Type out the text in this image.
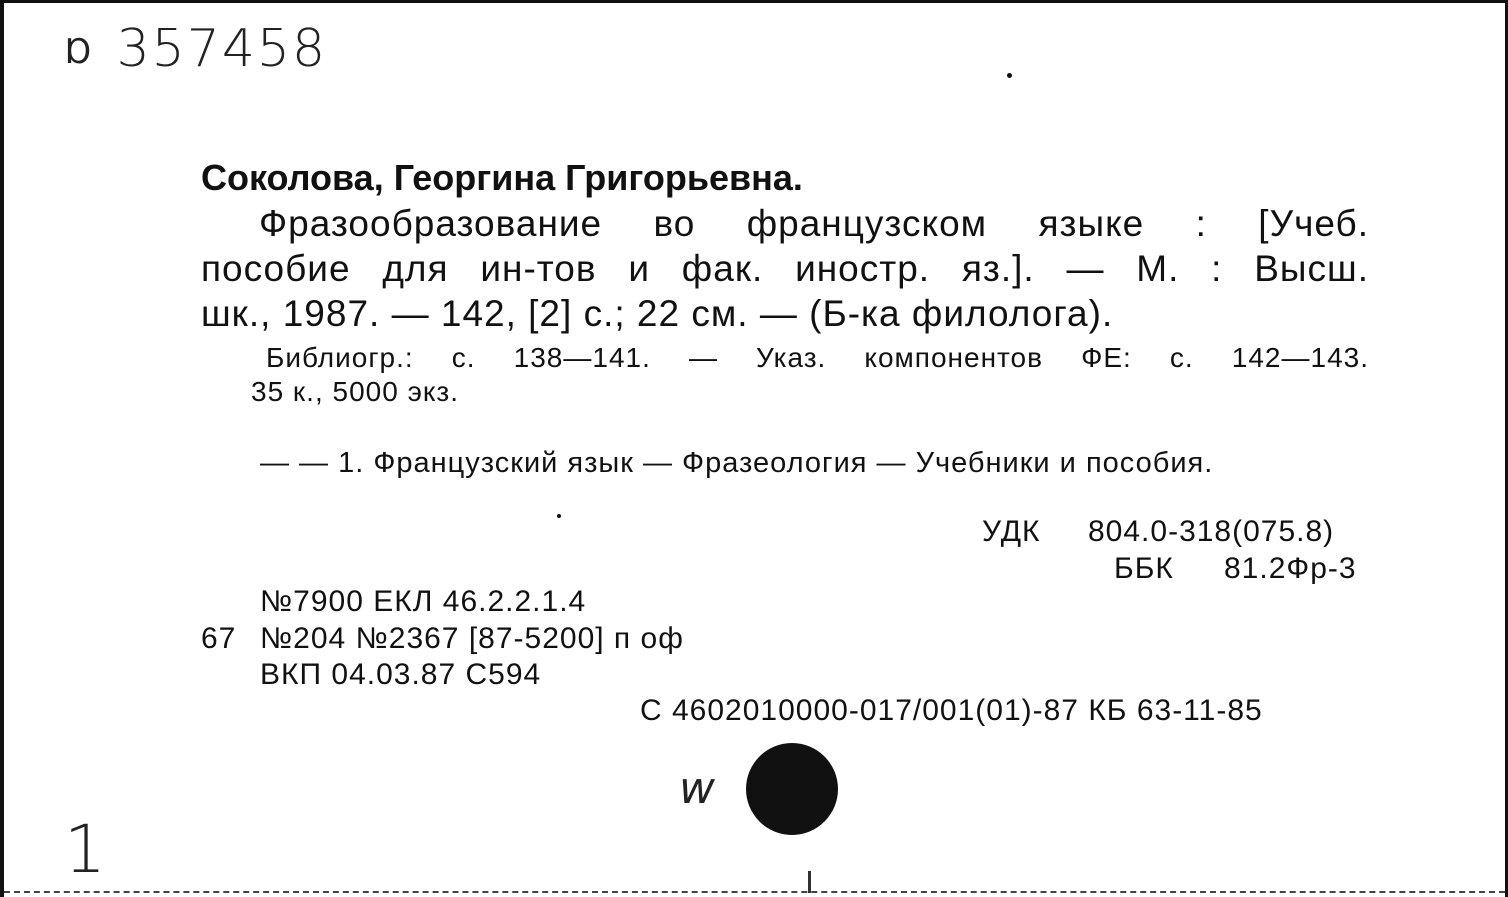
Ɒ 357458
Соколова, Георгина Григорьевна.
Фразообразование во французском языке : [Учеб.
пособие для ин-тов и фак. иностр. яз.]. — М. : Высш.
шк., 1987. — 142, [2] с.; 22 см. — (Б-ка филолога).
Библиогр.: с. 138—141. — Указ. компонентов ФЕ: с. 142—143.
35 к., 5000 экз.
— — 1. Французский язык — Фразеология — Учебники и пособия.
УДК 804.0-318(075.8)
ББК 81.2Фр-3
№7900 ЕКЛ 46.2.2.1.4
67 №204 №2367 [87-5200] п оф
ВКП 04.03.87 С594
С 4602010000-017/001(01)-87 КБ 63-11-85
w
1
